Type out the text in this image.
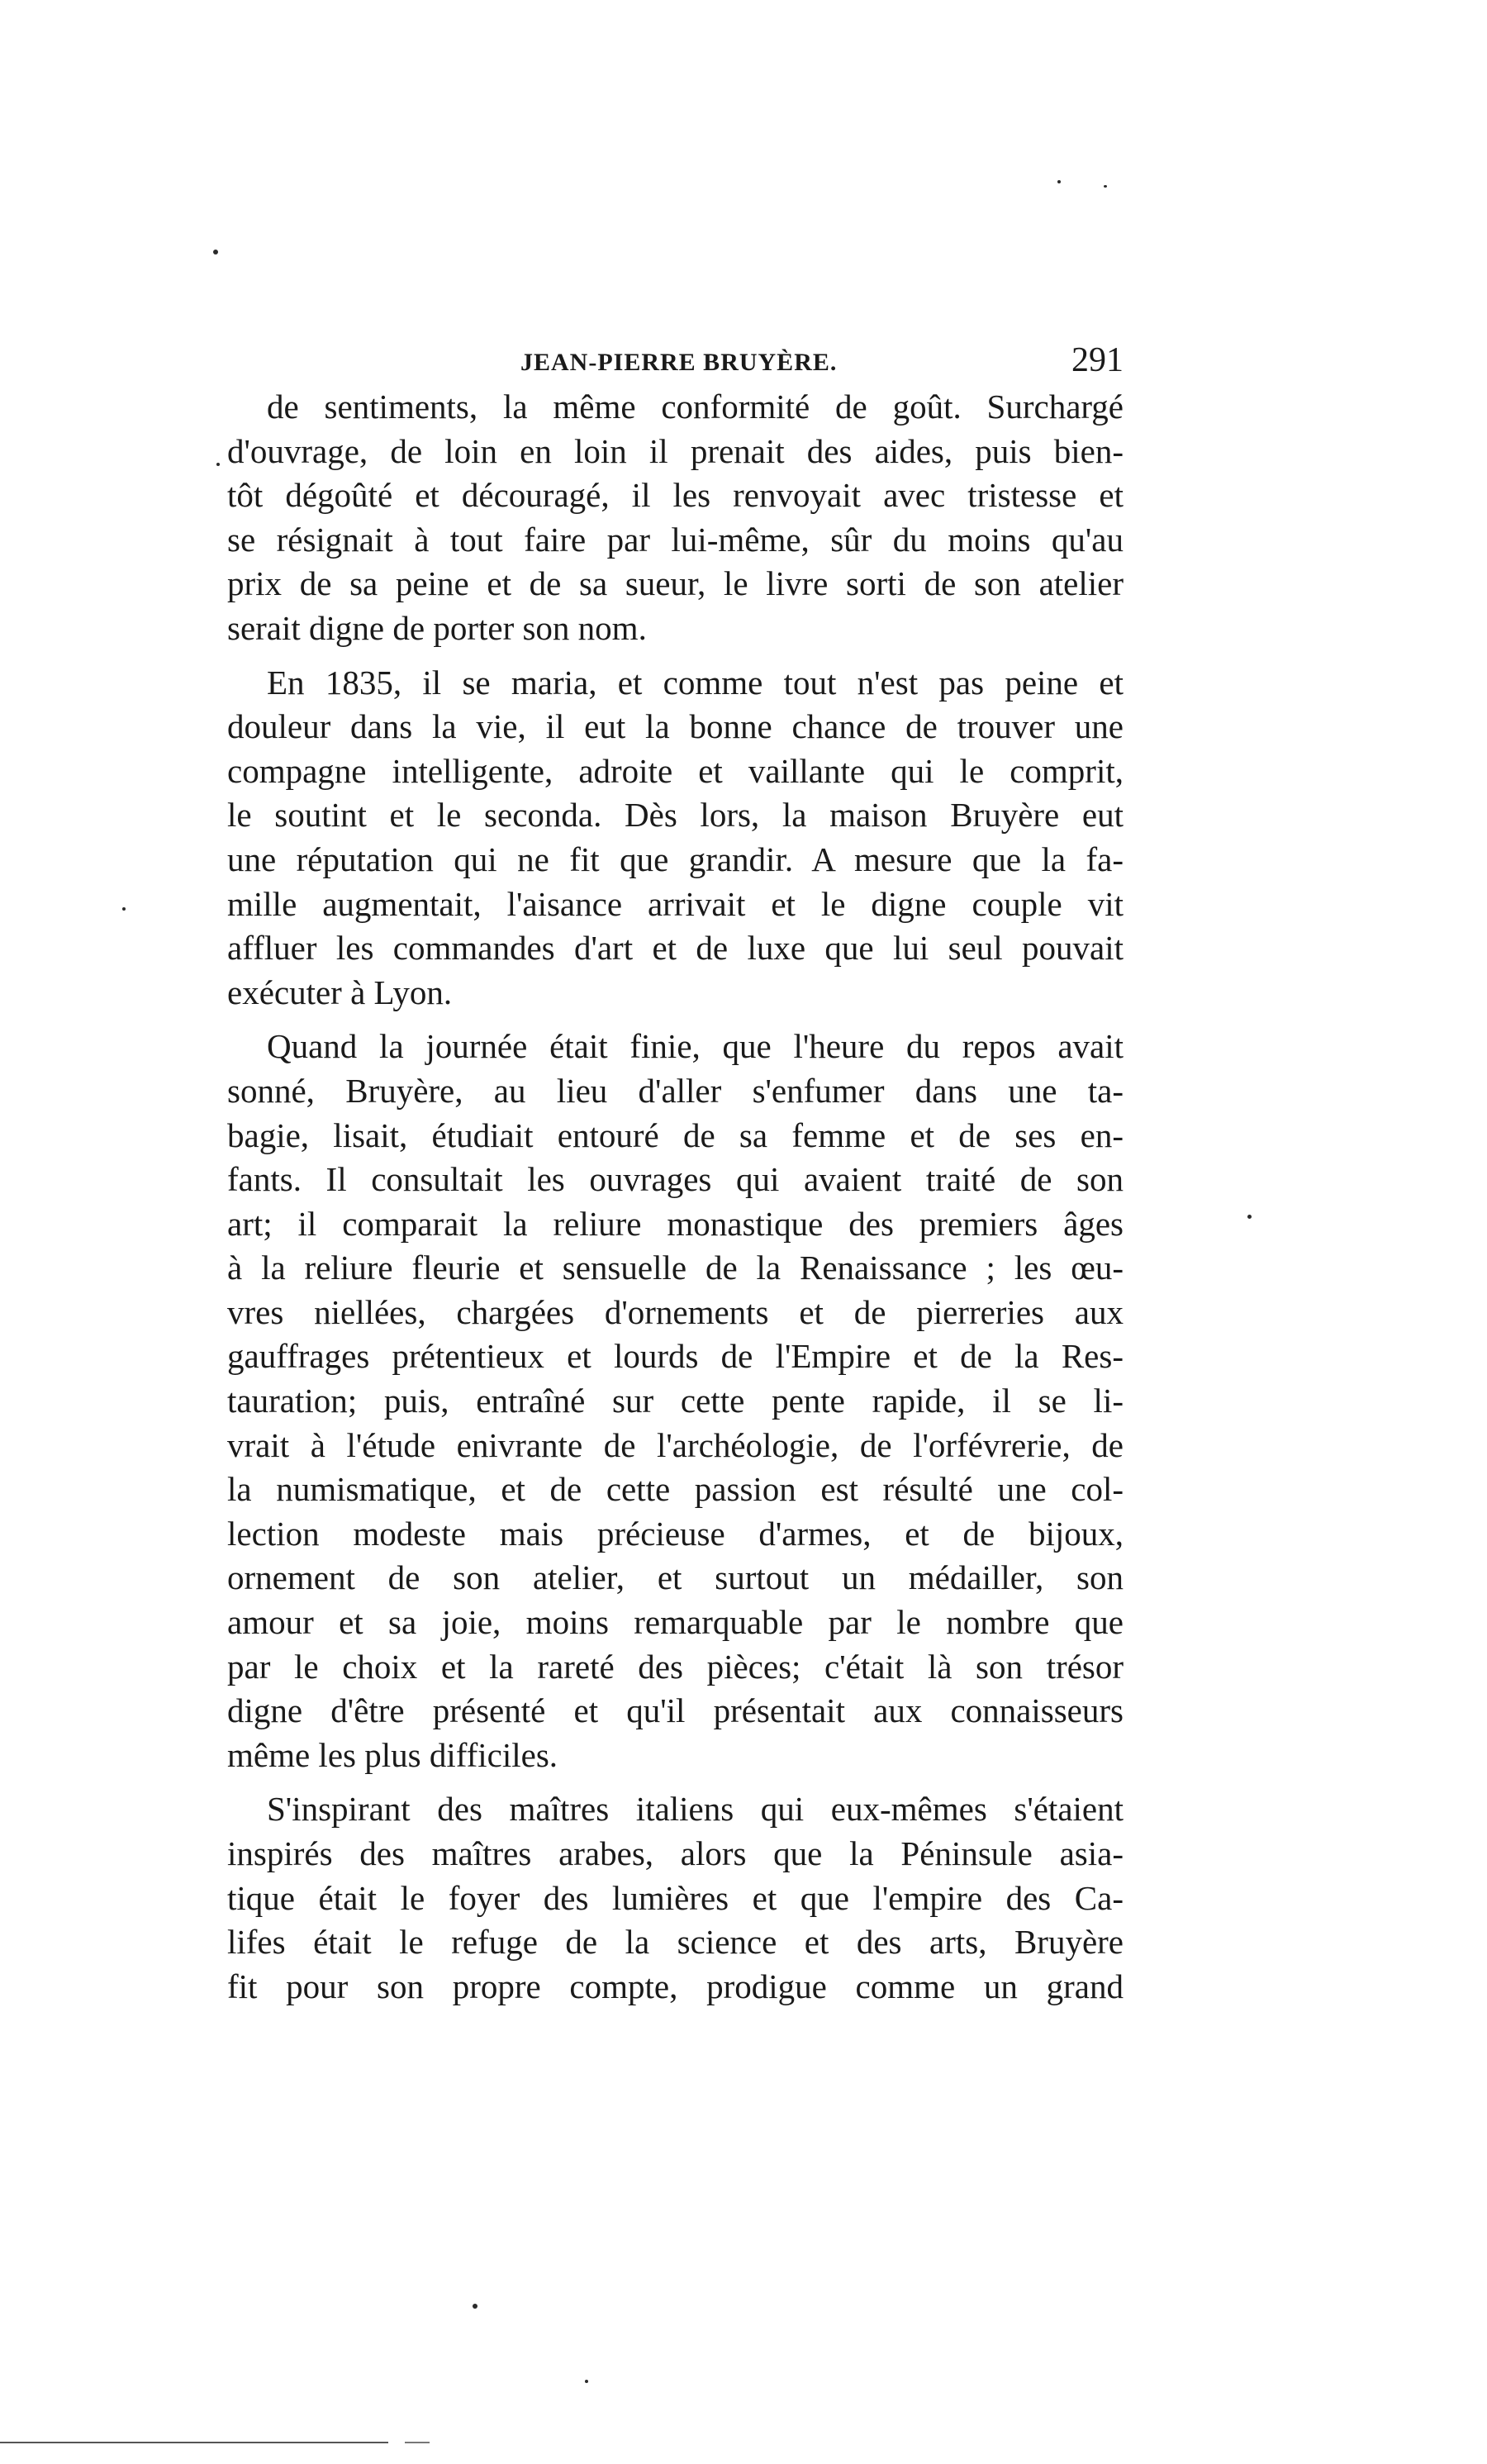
JEAN-PIERRE BRUYÈRE.	291
de sentiments, la même conformité de goût. Surchargé
d'ouvrage, de loin en loin il prenait des aides, puis bien-
tôt dégoûté et découragé, il les renvoyait avec tristesse et
se résignait à tout faire par lui-même, sûr du moins qu'au
prix de sa peine et de sa sueur, le livre sorti de son atelier
serait digne de porter son nom.
En 1835, il se maria, et comme tout n'est pas peine et
douleur dans la vie, il eut la bonne chance de trouver une
compagne intelligente, adroite et vaillante qui le comprit,
le soutint et le seconda. Dès lors, la maison Bruyère eut
une réputation qui ne fit que grandir. A mesure que la fa-
mille augmentait, l'aisance arrivait et le digne couple vit
affluer les commandes d'art et de luxe que lui seul pouvait
exécuter à Lyon.
Quand la journée était finie, que l'heure du repos avait
sonné, Bruyère, au lieu d'aller s'enfumer dans une ta-
bagie, lisait, étudiait entouré de sa femme et de ses en-
fants. Il consultait les ouvrages qui avaient traité de son
art; il comparait la reliure monastique des premiers âges
à la reliure fleurie et sensuelle de la Renaissance ; les œu-
vres niellées, chargées d'ornements et de pierreries aux
gauffrages prétentieux et lourds de l'Empire et de la Res-
tauration; puis, entraîné sur cette pente rapide, il se li-
vrait à l'étude enivrante de l'archéologie, de l'orfévrerie, de
la numismatique, et de cette passion est résulté une col-
lection modeste mais précieuse d'armes, et de bijoux,
ornement de son atelier, et surtout un médailler, son
amour et sa joie, moins remarquable par le nombre que
par le choix et la rareté des pièces; c'était là son trésor
digne d'être présenté et qu'il présentait aux connaisseurs
même les plus difficiles.
S'inspirant des maîtres italiens qui eux-mêmes s'étaient
inspirés des maîtres arabes, alors que la Péninsule asia-
tique était le foyer des lumières et que l'empire des Ca-
lifes était le refuge de la science et des arts, Bruyère
fit pour son propre compte, prodigue comme un grand
